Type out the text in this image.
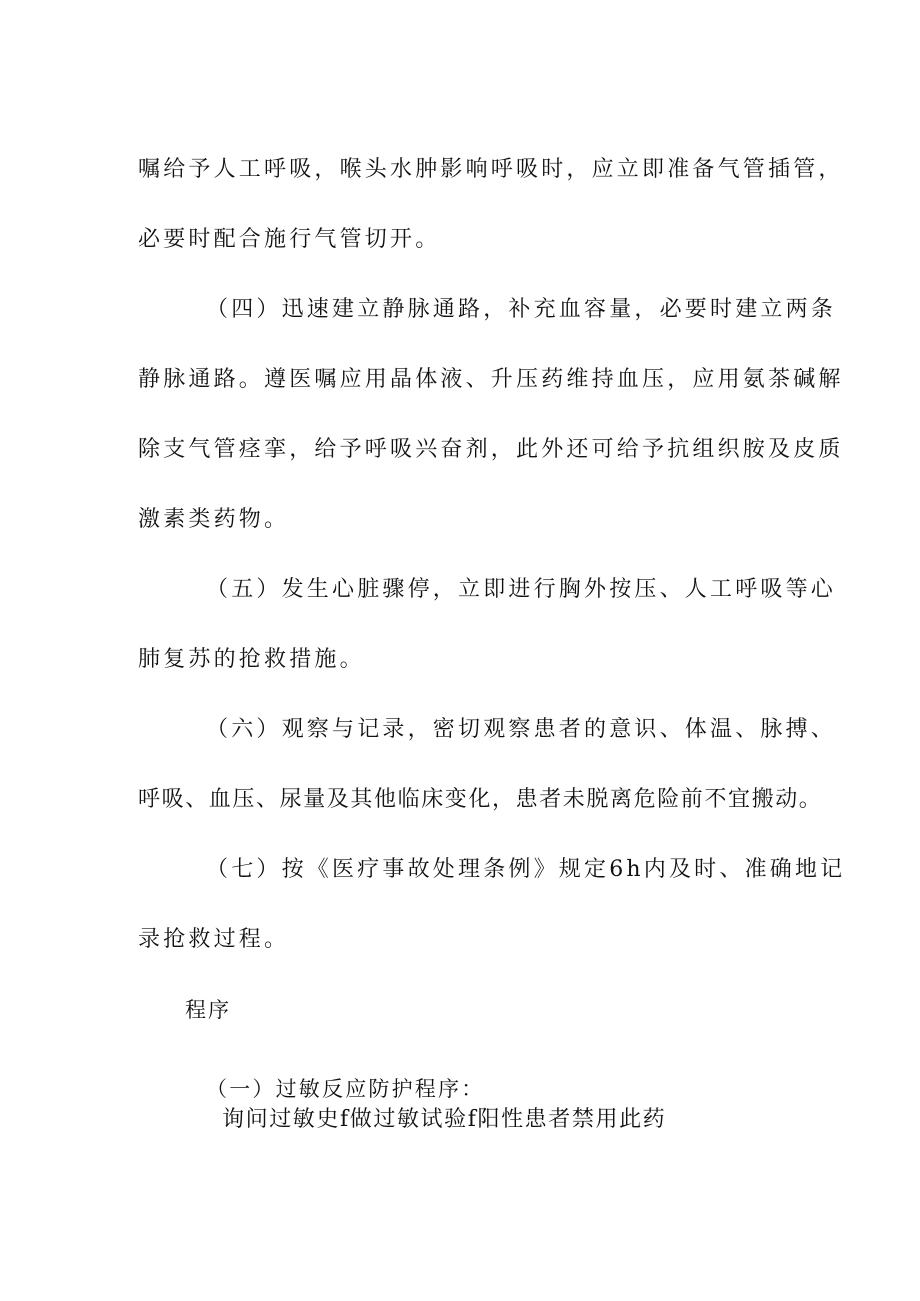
嘱给予人工呼吸，喉头水肿影响呼吸时，应立即准备气管插管，
必要时配合施行气管切开。
（四）迅速建立静脉通路，补充血容量，必要时建立两条
静脉通路。遵医嘱应用晶体液、升压药维持血压，应用氨茶碱解
除支气管痉挛，给予呼吸兴奋剂，此外还可给予抗组织胺及皮质
激素类药物。
（五）发生心脏骤停，立即进行胸外按压、人工呼吸等心
肺复苏的抢救措施。
（六）观察与记录，密切观察患者的意识、体温、脉搏、
呼吸、血压、尿量及其他临床变化，患者未脱离危险前不宜搬动。
（七）按《医疗事故处理条例》规定6h内及时、准确地记
录抢救过程。
程序
（一）过敏反应防护程序：
询问过敏史f做过敏试验f阳性患者禁用此药
